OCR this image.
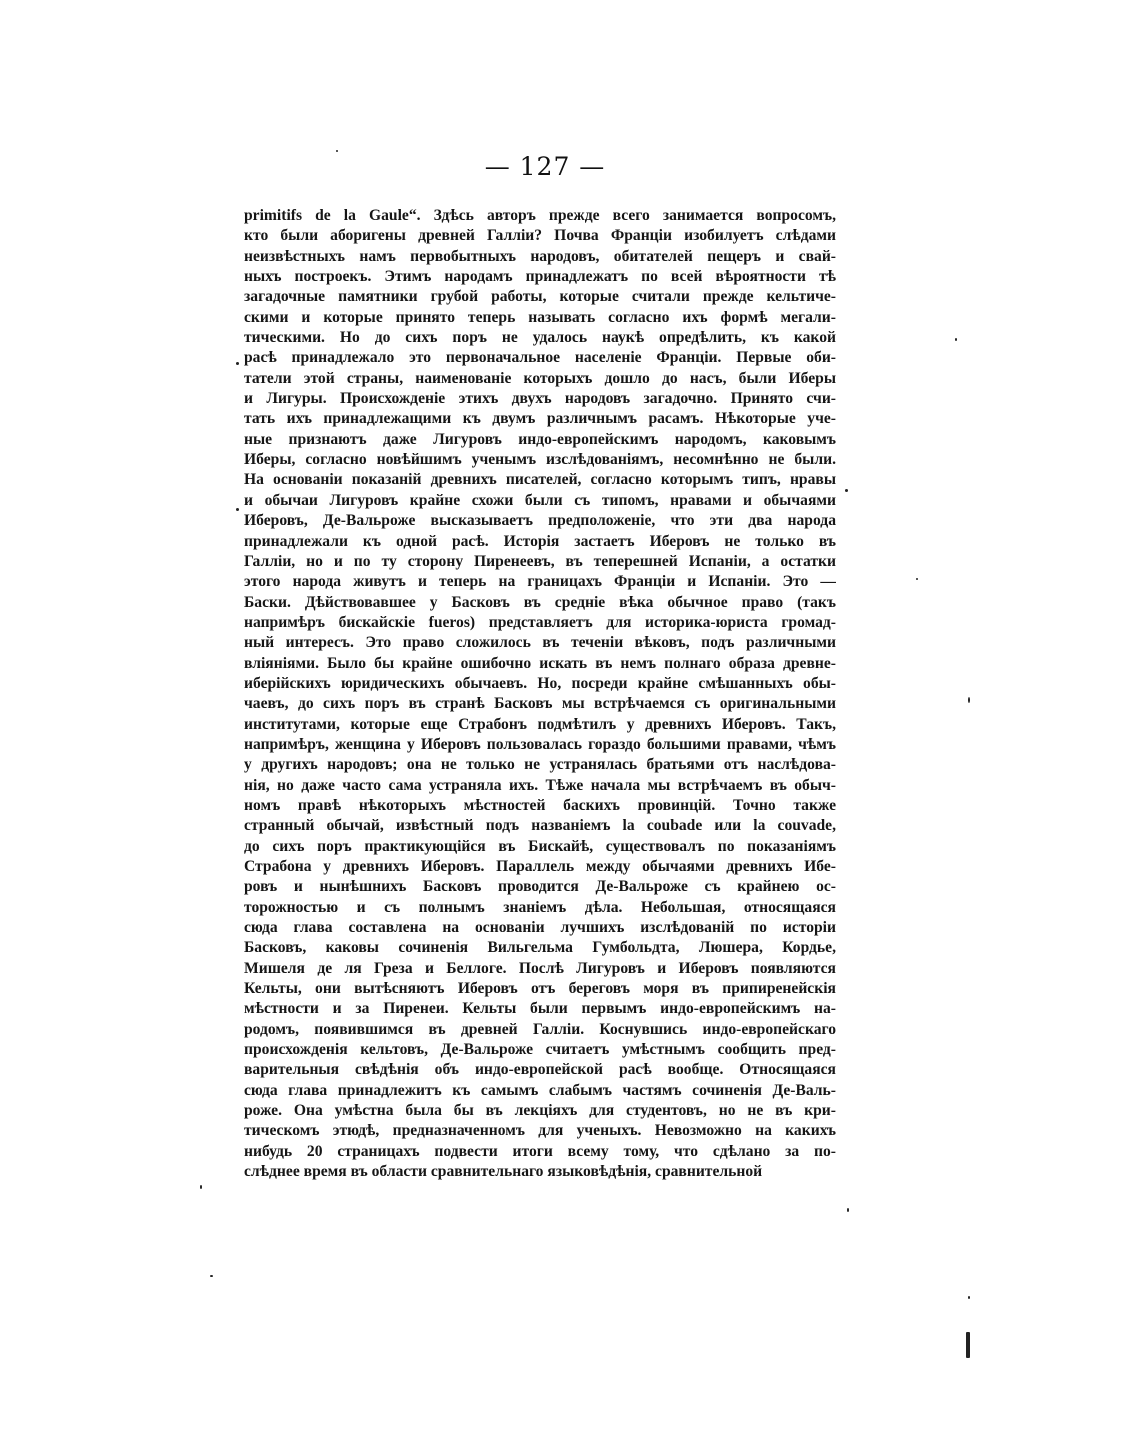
— 127 —
primitifs de la Gaule“. Здѣсь авторъ прежде всего занимается вопросомъ,
кто были аборигены древней Галліи? Почва Франціи изобилуетъ слѣдами
неизвѣстныхъ намъ первобытныхъ народовъ, обитателей пещеръ и свай-
ныхъ построекъ. Этимъ народамъ принадлежатъ по всей вѣроятности тѣ
загадочные памятники грубой работы, которые считали прежде кельтиче-
скими и которые принято теперь называть согласно ихъ формѣ мегали-
тическими. Но до сихъ поръ не удалось наукѣ опредѣлить, къ какой
расѣ принадлежало это первоначальное населеніе Франціи. Первые оби-
татели этой страны, наименованіе которыхъ дошло до насъ, были Иберы
и Лигуры. Происхожденіе этихъ двухъ народовъ загадочно. Принято счи-
тать ихъ принадлежащими къ двумъ различнымъ расамъ. Нѣкоторые уче-
ные признаютъ даже Лигуровъ индо-европейскимъ народомъ, каковымъ
Иберы, согласно новѣйшимъ ученымъ изслѣдованіямъ, несомнѣнно не были.
На основаніи показаній древнихъ писателей, согласно которымъ типъ, нравы
и обычаи Лигуровъ крайне схожи были съ типомъ, нравами и обычаями
Иберовъ, Де-Вальроже высказываетъ предположеніе, что эти два народа
принадлежали къ одной расѣ. Исторія застаетъ Иберовъ не только въ
Галліи, но и по ту сторону Пиренеевъ, въ теперешней Испаніи, а остатки
этого народа живутъ и теперь на границахъ Франціи и Испаніи. Это —
Баски. Дѣйствовавшее у Басковъ въ средніе вѣка обычное право (такъ
напримѣръ бискайскіе fueros) представляетъ для историка-юриста громад-
ный интересъ. Это право сложилось въ теченіи вѣковъ, подъ различными
вліяніями. Было бы крайне ошибочно искать въ немъ полнаго образа древне-
иберійскихъ юридическихъ обычаевъ. Но, посреди крайне смѣшанныхъ обы-
чаевъ, до сихъ поръ въ странѣ Басковъ мы встрѣчаемся съ оригинальными
институтами, которые еще Страбонъ подмѣтилъ у древнихъ Иберовъ. Такъ,
напримѣръ, женщина у Иберовъ пользовалась гораздо большими правами, чѣмъ
у другихъ народовъ; она не только не устранялась братьями отъ наслѣдова-
нія, но даже часто сама устраняла ихъ. Тѣже начала мы встрѣчаемъ въ обыч-
номъ правѣ нѣкоторыхъ мѣстностей баскихъ провинцій. Точно также
странный обычай, извѣстный подъ названіемъ la coubade или la couvade,
до сихъ поръ практикующійся въ Бискайѣ, существовалъ по показаніямъ
Страбона у древнихъ Иберовъ. Параллель между обычаями древнихъ Ибе-
ровъ и нынѣшнихъ Басковъ проводится Де-Вальроже съ крайнею ос-
торожностью и съ полнымъ знаніемъ дѣла. Небольшая, относящаяся
сюда глава составлена на основаніи лучшихъ изслѣдованій по исторіи
Басковъ, каковы сочиненія Вильгельма Гумбольдта, Люшера, Кордье,
Мишеля де ля Греза и Беллоге. Послѣ Лигуровъ и Иберовъ появляются
Кельты, они вытѣсняютъ Иберовъ отъ береговъ моря въ припиренейскія
мѣстности и за Пиренеи. Кельты были первымъ индо-европейскимъ на-
родомъ, появившимся въ древней Галліи. Коснувшись индо-европейскаго
происхожденія кельтовъ, Де-Вальроже считаетъ умѣстнымъ сообщить пред-
варительныя свѣдѣнія объ индо-европейской расѣ вообще. Относящаяся
сюда глава принадлежитъ къ самымъ слабымъ частямъ сочиненія Де-Валь-
роже. Она умѣстна была бы въ лекціяхъ для студентовъ, но не въ кри-
тическомъ этюдѣ, предназначенномъ для ученыхъ. Невозможно на какихъ
нибудь 20 страницахъ подвести итоги всему тому, что сдѣлано за по-
слѣднее время въ области сравнительнаго языковѣдѣнія, сравнительной
